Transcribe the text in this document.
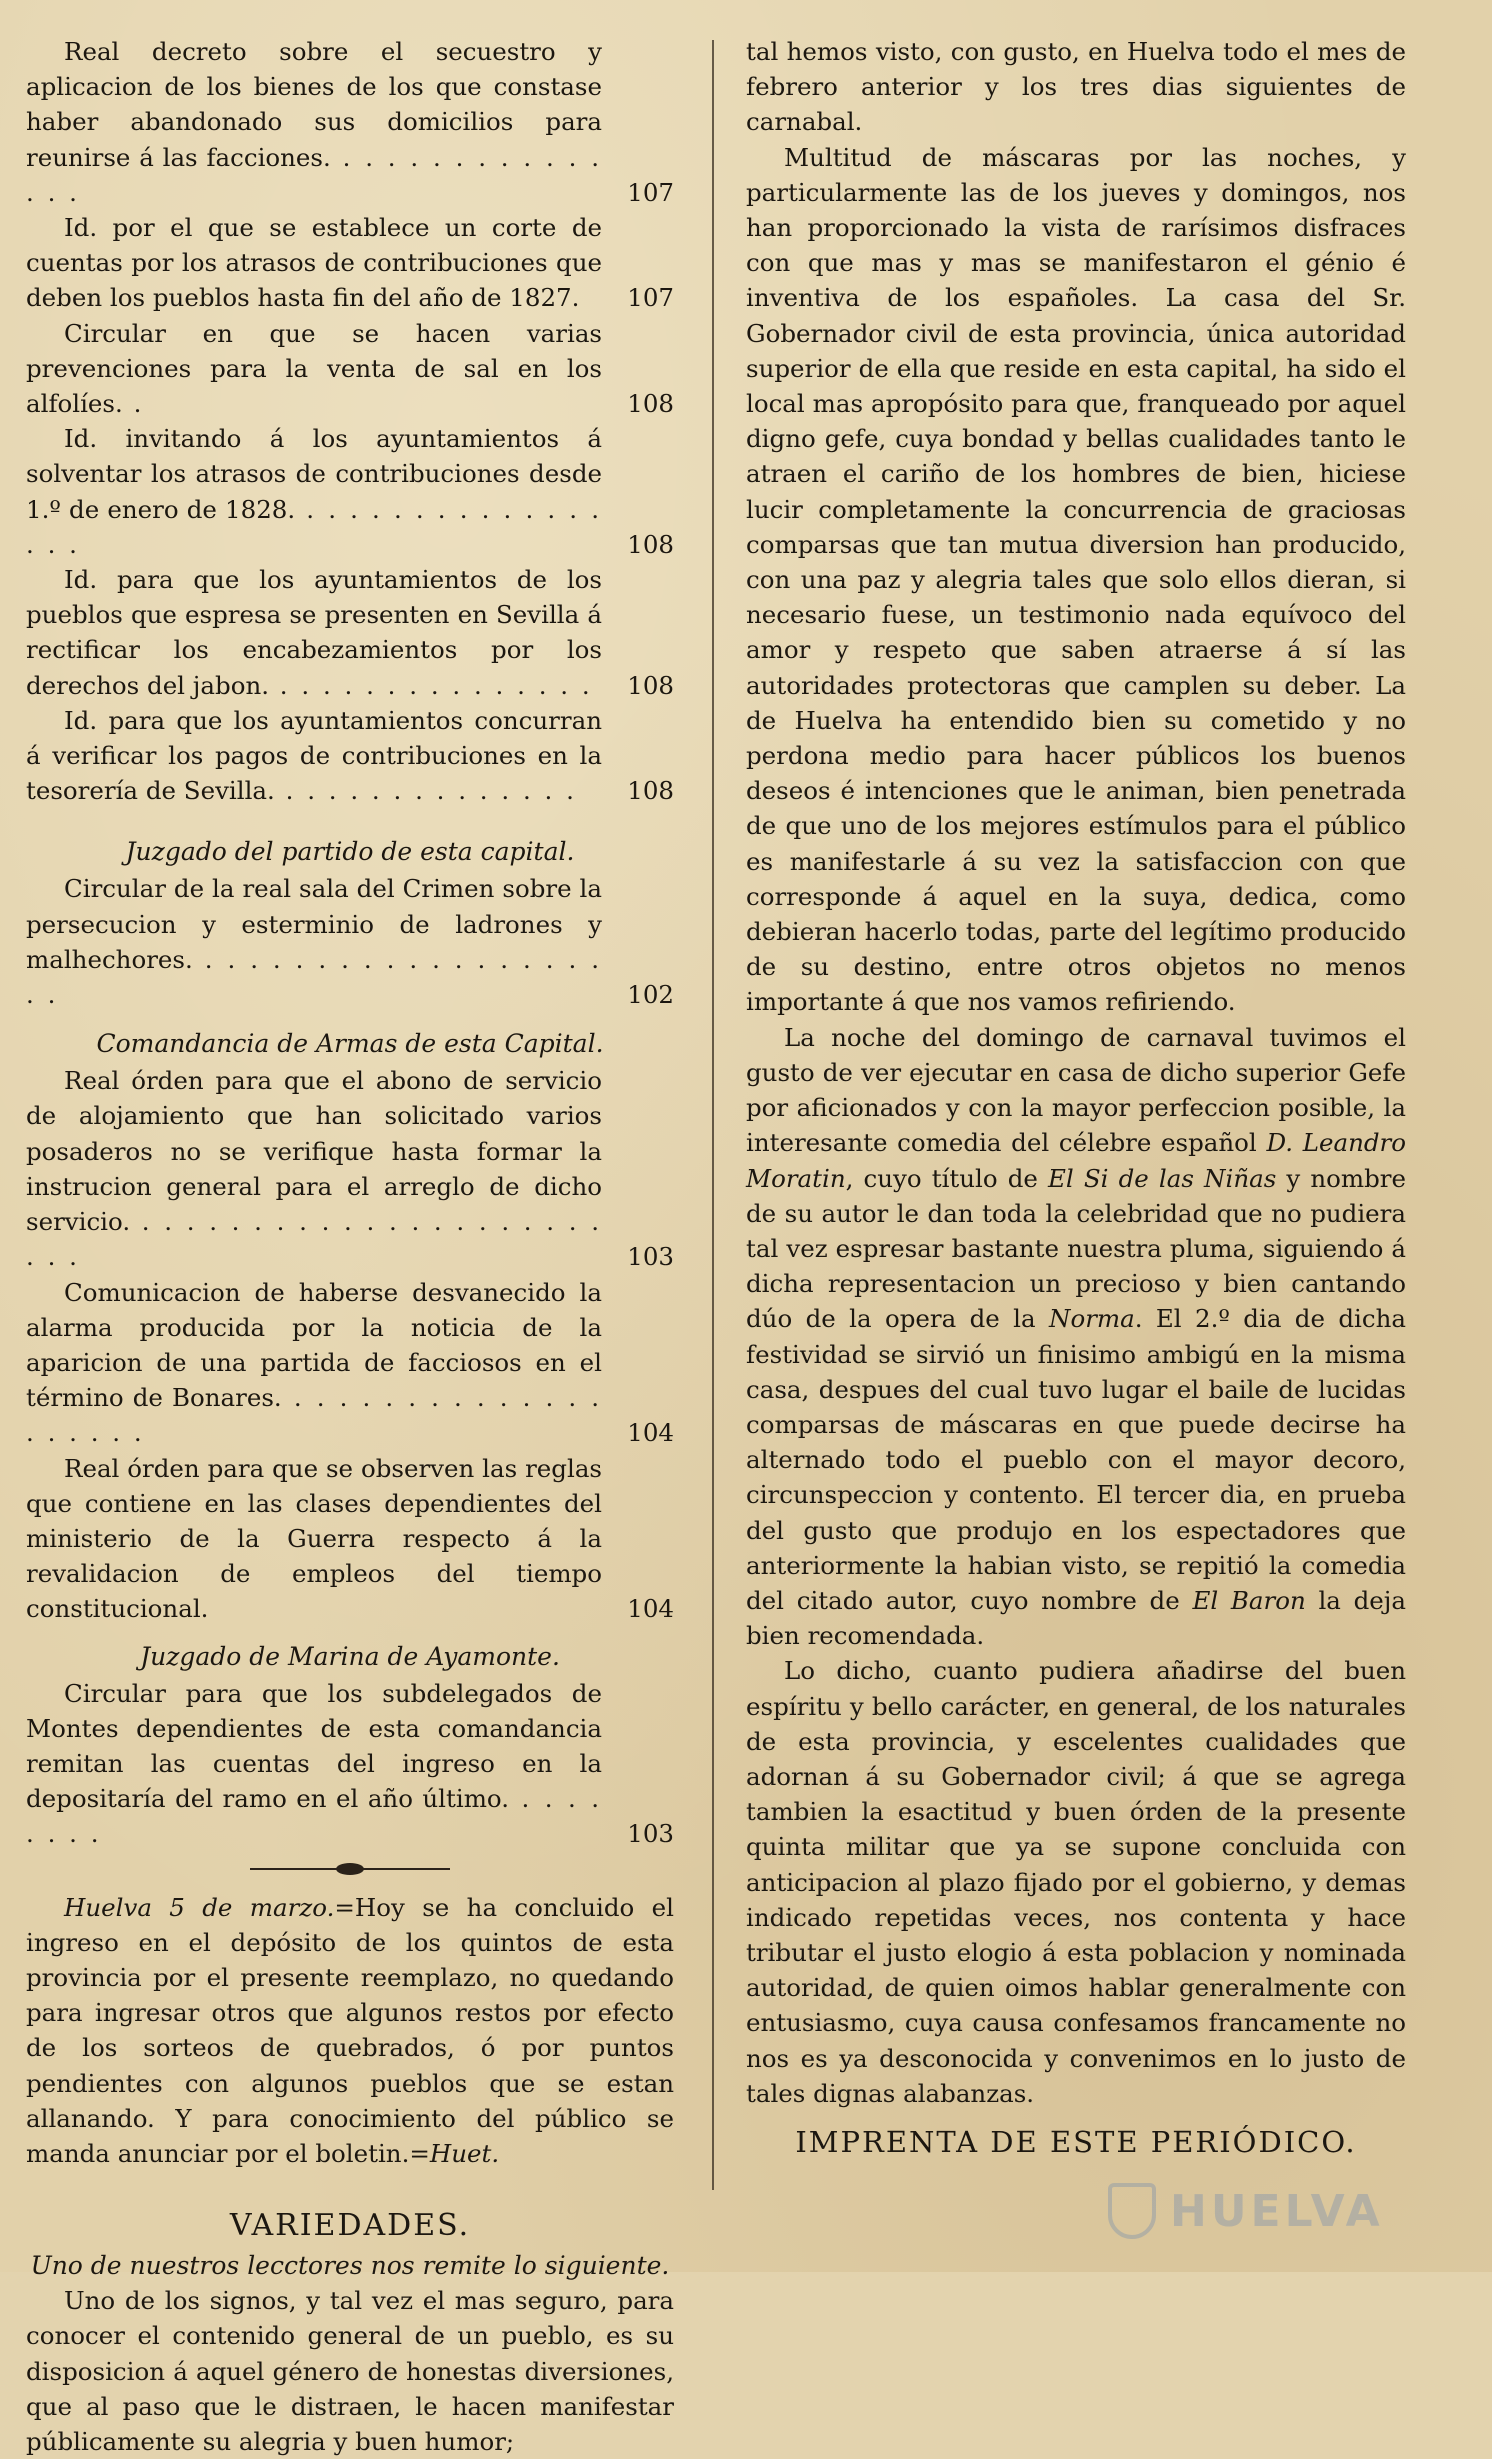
Real decreto sobre el secuestro y aplicacion de los bienes de los que constase haber abandonado sus domicilios para reunirse á las facciones. . . . . . . . . . . . . . . .	107

Id. por el que se establece un corte de cuentas por los atrasos de contribuciones que deben los pueblos hasta fin del año de 1827.	107

Circular en que se hacen varias prevenciones para la venta de sal en los alfolíes. .	108

Id. invitando á los ayuntamientos á solventar los atrasos de contribuciones desde 1.º de enero de 1828. . . . . . . . . . . . . . . . . .	108

Id. para que los ayuntamientos de los pueblos que espresa se presenten en Sevilla á rectificar los encabezamientos por los derechos del jabon. . . . . . . . . . . . . . . .	108

Id. para que los ayuntamientos concurran á verificar los pagos de contribuciones en la tesorería de Sevilla. . . . . . . . . . . . . . .	108

Juzgado del partido de esta capital.

Circular de la real sala del Crimen sobre la persecucion y esterminio de ladrones y malhechores. . . . . . . . . . . . . . . . . . . . .	102

Comandancia de Armas de esta Capital.

Real órden para que el abono de servicio de alojamiento que han solicitado varios posaderos no se verifique hasta formar la instrucion general para el arreglo de dicho servicio. . . . . . . . . . . . . . . . . . . . . . . . .	103

Comunicacion de haberse desvanecido la alarma producida por la noticia de la aparicion de una partida de facciosos en el término de Bonares. . . . . . . . . . . . . . . . . . . . .	104

Real órden para que se observen las reglas que contiene en las clases dependientes del ministerio de la Guerra respecto á la revalidacion de empleos del tiempo constitucional.	104

Juzgado de Marina de Ayamonte.

Circular para que los subdelegados de Montes dependientes de esta comandancia remitan las cuentas del ingreso en la depositaría del ramo en el año último. . . . . . . . .	103

Huelva 5 de marzo.=Hoy se ha concluido el ingreso en el depósito de los quintos de esta provincia por el presente reemplazo, no quedando para ingresar otros que algunos restos por efecto de los sorteos de quebrados, ó por puntos pendientes con algunos pueblos que se estan allanando. Y para conocimiento del público se manda anunciar por el boletin.=Huet.

VARIEDADES.
Uno de nuestros lecctores nos remite lo siguiente.

Uno de los signos, y tal vez el mas seguro, para conocer el contenido general de un pueblo, es su disposicion á aquel género de honestas diversiones, que al paso que le distraen, le hacen manifestar públicamente su alegria y buen humor;

tal hemos visto, con gusto, en Huelva todo el mes de febrero anterior y los tres dias siguientes de carnabal.

Multitud de máscaras por las noches, y particularmente las de los jueves y domingos, nos han proporcionado la vista de rarísimos disfraces con que mas y mas se manifestaron el génio é inventiva de los españoles. La casa del Sr. Gobernador civil de esta provincia, única autoridad superior de ella que reside en esta capital, ha sido el local mas apropósito para que, franqueado por aquel digno gefe, cuya bondad y bellas cualidades tanto le atraen el cariño de los hombres de bien, hiciese lucir completamente la concurrencia de graciosas comparsas que tan mutua diversion han producido, con una paz y alegria tales que solo ellos dieran, si necesario fuese, un testimonio nada equívoco del amor y respeto que saben atraerse á sí las autoridades protectoras que camplen su deber. La de Huelva ha entendido bien su cometido y no perdona medio para hacer públicos los buenos deseos é intenciones que le animan, bien penetrada de que uno de los mejores estímulos para el público es manifestarle á su vez la satisfaccion con que corresponde á aquel en la suya, dedica, como debieran hacerlo todas, parte del legítimo producido de su destino, entre otros objetos no menos importante á que nos vamos refiriendo.

La noche del domingo de carnaval tuvimos el gusto de ver ejecutar en casa de dicho superior Gefe por aficionados y con la mayor perfeccion posible, la interesante comedia del célebre español D. Leandro Moratin, cuyo título de El Si de las Niñas y nombre de su autor le dan toda la celebridad que no pudiera tal vez espresar bastante nuestra pluma, siguiendo á dicha representacion un precioso y bien cantando dúo de la opera de la Norma. El 2.º dia de dicha festividad se sirvió un finisimo ambigú en la misma casa, despues del cual tuvo lugar el baile de lucidas comparsas de máscaras en que puede decirse ha alternado todo el pueblo con el mayor decoro, circunspeccion y contento. El tercer dia, en prueba del gusto que produjo en los espectadores que anteriormente la habian visto, se repitió la comedia del citado autor, cuyo nombre de El Baron la deja bien recomendada.

Lo dicho, cuanto pudiera añadirse del buen espíritu y bello carácter, en general, de los naturales de esta provincia, y escelentes cualidades que adornan á su Gobernador civil; á que se agrega tambien la esactitud y buen órden de la presente quinta militar que ya se supone concluida con anticipacion al plazo fijado por el gobierno, y demas indicado repetidas veces, nos contenta y hace tributar el justo elogio á esta poblacion y nominada autoridad, de quien oimos hablar generalmente con entusiasmo, cuya causa confesamos francamente no nos es ya desconocida y convenimos en lo justo de tales dignas alabanzas.

IMPRENTA DE ESTE PERIÓDICO.
HUELVA
